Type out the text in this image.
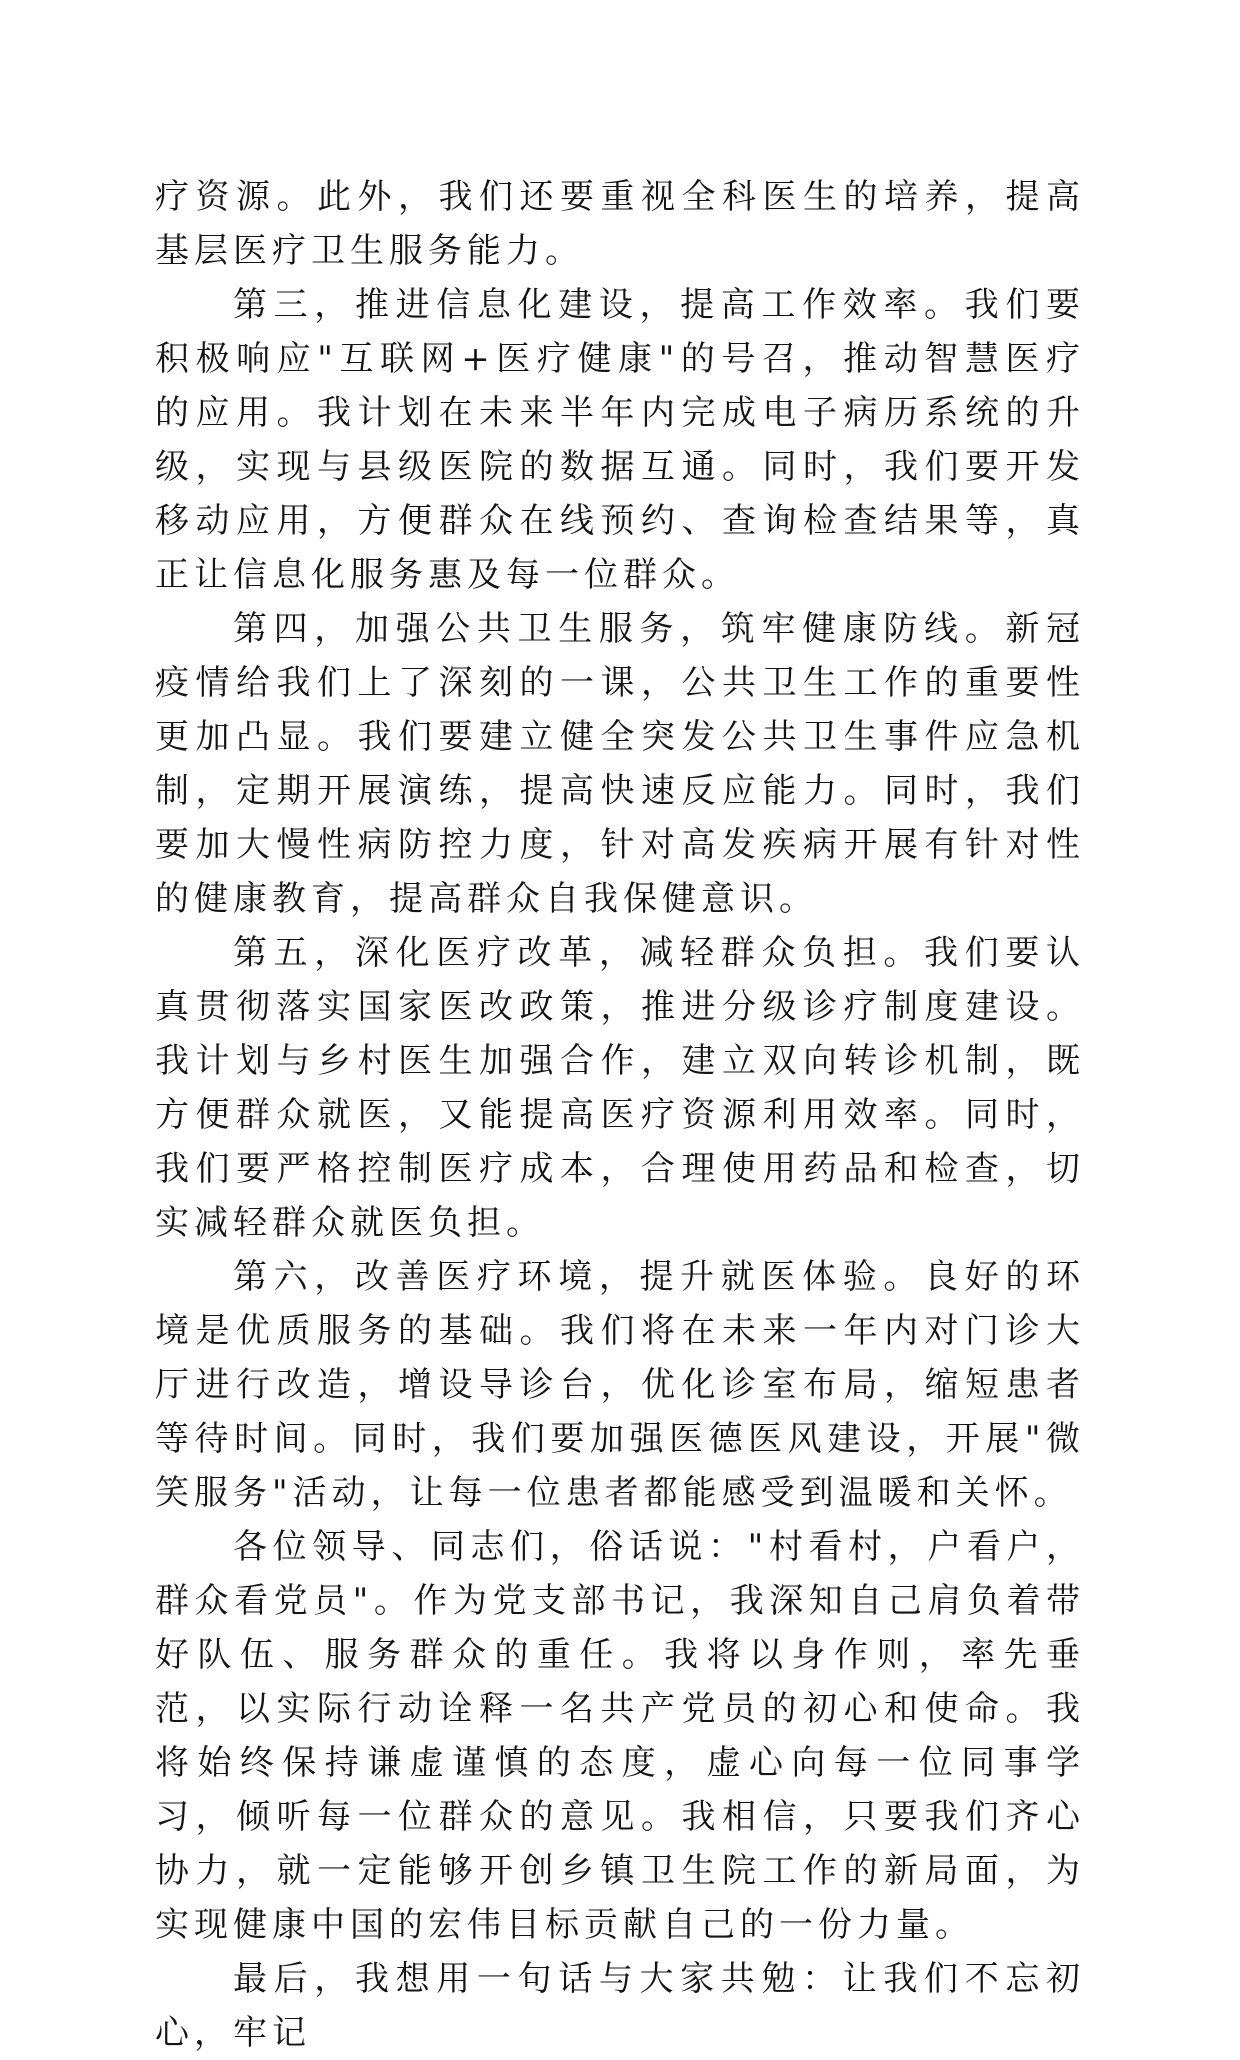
疗资源。此外，我们还要重视全科医生的培养，提高基层医疗卫生服务能力。

第三，推进信息化建设，提高工作效率。我们要积极响应"互联网+医疗健康"的号召，推动智慧医疗的应用。我计划在未来半年内完成电子病历系统的升级，实现与县级医院的数据互通。同时，我们要开发移动应用，方便群众在线预约、查询检查结果等，真正让信息化服务惠及每一位群众。

第四，加强公共卫生服务，筑牢健康防线。新冠疫情给我们上了深刻的一课，公共卫生工作的重要性更加凸显。我们要建立健全突发公共卫生事件应急机制，定期开展演练，提高快速反应能力。同时，我们要加大慢性病防控力度，针对高发疾病开展有针对性的健康教育，提高群众自我保健意识。

第五，深化医疗改革，减轻群众负担。我们要认真贯彻落实国家医改政策，推进分级诊疗制度建设。我计划与乡村医生加强合作，建立双向转诊机制，既方便群众就医，又能提高医疗资源利用效率。同时，我们要严格控制医疗成本，合理使用药品和检查，切实减轻群众就医负担。

第六，改善医疗环境，提升就医体验。良好的环境是优质服务的基础。我们将在未来一年内对门诊大厅进行改造，增设导诊台，优化诊室布局，缩短患者等待时间。同时，我们要加强医德医风建设，开展"微笑服务"活动，让每一位患者都能感受到温暖和关怀。

各位领导、同志们，俗话说："村看村，户看户，群众看党员"。作为党支部书记，我深知自己肩负着带好队伍、服务群众的重任。我将以身作则，率先垂范，以实际行动诠释一名共产党员的初心和使命。我将始终保持谦虚谨慎的态度，虚心向每一位同事学习，倾听每一位群众的意见。我相信，只要我们齐心协力，就一定能够开创乡镇卫生院工作的新局面，为实现健康中国的宏伟目标贡献自己的一份力量。

最后，我想用一句话与大家共勉：让我们不忘初心，牢记
